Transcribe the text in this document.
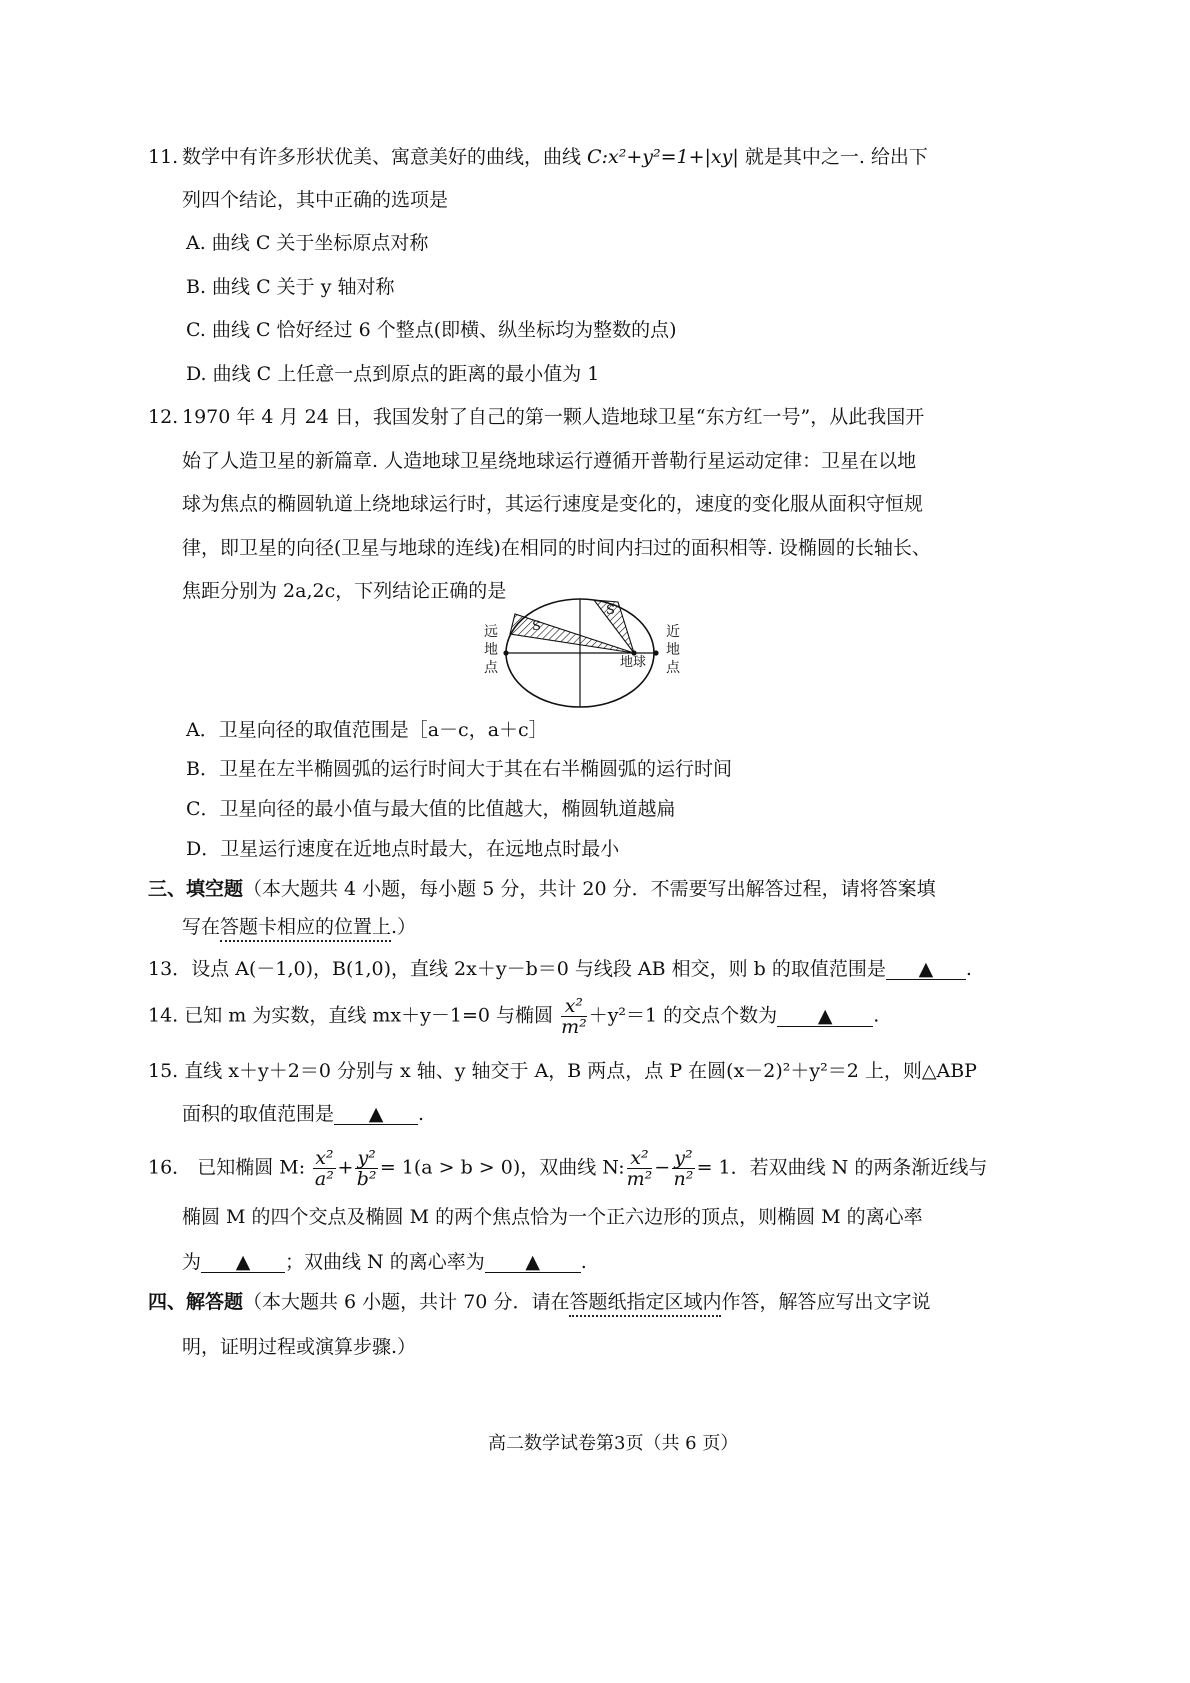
11. 数学中有许多形状优美、寓意美好的曲线，曲线 C:x²+y²=1+|xy| 就是其中之一. 给出下
列四个结论，其中正确的选项是
A. 曲线 C 关于坐标原点对称
B. 曲线 C 关于 y 轴对称
C. 曲线 C 恰好经过 6 个整点(即横、纵坐标均为整数的点)
D. 曲线 C 上任意一点到原点的距离的最小值为 1
12. 1970 年 4 月 24 日，我国发射了自己的第一颗人造地球卫星“东方红一号”，从此我国开
始了人造卫星的新篇章. 人造地球卫星绕地球运行遵循开普勒行星运动定律：卫星在以地
球为焦点的椭圆轨道上绕地球运行时，其运行速度是变化的，速度的变化服从面积守恒规
律，即卫星的向径(卫星与地球的连线)在相同的时间内扫过的面积相等. 设椭圆的长轴长、
焦距分别为 2a,2c，下列结论正确的是
地球
远
地
点
近
地
点
S
S
A．卫星向径的取值范围是［a－c，a＋c］
B．卫星在左半椭圆弧的运行时间大于其在右半椭圆弧的运行时间
C．卫星向径的最小值与最大值的比值越大，椭圆轨道越扁
D．卫星运行速度在近地点时最大，在远地点时最小
三、填空题（本大题共 4 小题，每小题 5 分，共计 20 分．不需要写出解答过程，请将答案填
写在答题卡相应的位置上.）
13．设点 A(－1,0)，B(1,0)，直线 2x＋y－b＝0 与线段 AB 相交，则 b 的取值范围是 ▲ .
14. 已知 m 为实数，直线 mx＋y－1=0 与椭圆 $\frac{\text{x²}}{\text{m²}} +y^2=1$ 的交点个数为 ▲ .
15. 直线 x＋y＋2＝0 分别与 x 轴、y 轴交于 A，B 两点，点 P 在圆(x－2)²＋y²＝2 上，则△ABP
面积的取值范围是 ▲ .
16． 已知椭圆 M: $\frac{\text{x²}}{\text{a²}} + \frac{\text{y²}}{\text{b²}} = 1(a > b > 0)$，双曲线 N: $\frac{\text{x²}}{\text{m²}} - \frac{\text{y²}}{\text{n²}} = 1$．若双曲线 N 的两条渐近线与
椭圆 M 的四个交点及椭圆 M 的两个焦点恰为一个正六边形的顶点，则椭圆 M 的离心率
为 ▲ ；双曲线 N 的离心率为 ▲ .
四、解答题（本大题共 6 小题，共计 70 分．请在答题纸指定区域内作答，解答应写出文字说
明，证明过程或演算步骤.）
高二数学试卷第3页（共 6 页）
